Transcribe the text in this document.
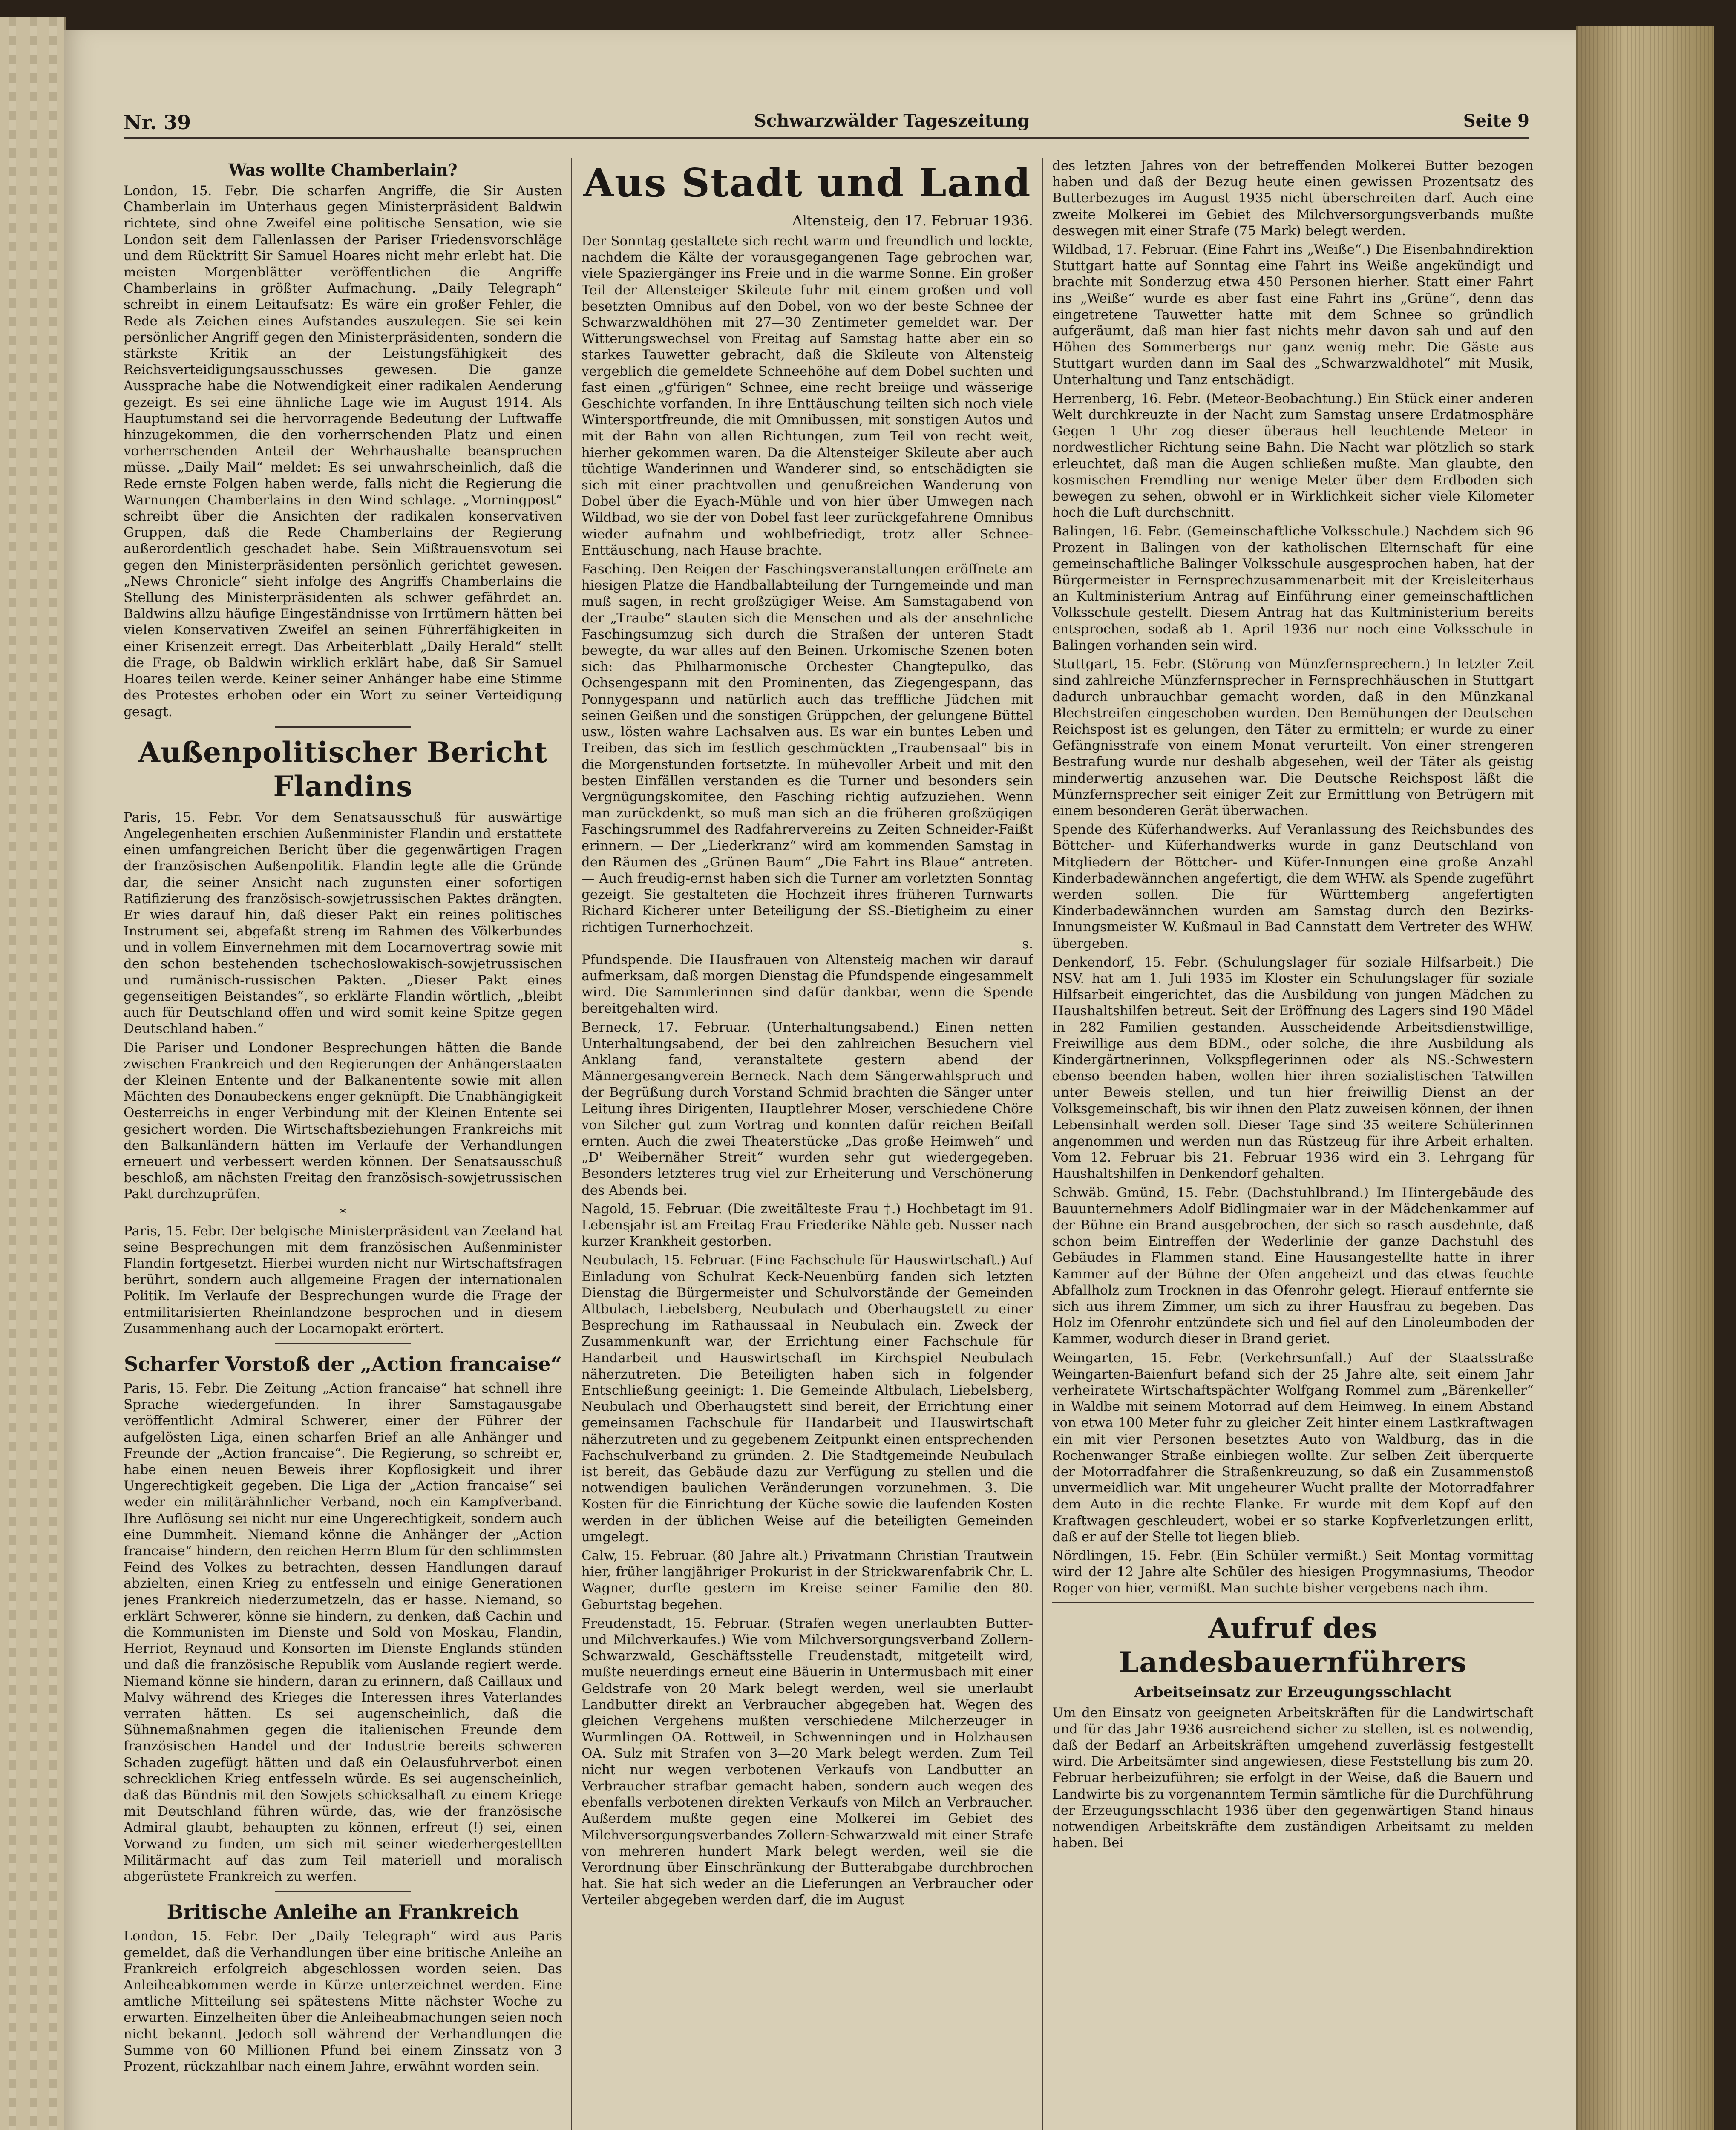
Nr. 39	Schwarzwälder Tageszeitung	Seite 9
Was wollte Chamberlain?

London, 15. Febr. Die scharfen Angriffe, die Sir Austen Chamberlain im Unterhaus gegen Ministerpräsident Baldwin richtete, sind ohne Zweifel eine politische Sensation, wie sie London seit dem Fallenlassen der Pariser Friedensvorschläge und dem Rücktritt Sir Samuel Hoares nicht mehr erlebt hat. Die meisten Morgenblätter veröffentlichen die Angriffe Chamberlains in größter Aufmachung. „Daily Telegraph“ schreibt in einem Leitaufsatz: Es wäre ein großer Fehler, die Rede als Zeichen eines Aufstandes auszulegen. Sie sei kein persönlicher Angriff gegen den Ministerpräsidenten, sondern die stärkste Kritik an der Leistungsfähigkeit des Reichsverteidigungsausschusses gewesen. Die ganze Aussprache habe die Notwendigkeit einer radikalen Aenderung gezeigt. Es sei eine ähnliche Lage wie im August 1914. Als Hauptumstand sei die hervorragende Bedeutung der Luftwaffe hinzugekommen, die den vorherrschenden Platz und einen vorherrschenden Anteil der Wehrhaushalte beanspruchen müsse. „Daily Mail“ meldet: Es sei unwahrscheinlich, daß die Rede ernste Folgen haben werde, falls nicht die Regierung die Warnungen Chamberlains in den Wind schlage. „Morningpost“ schreibt über die Ansichten der radikalen konservativen Gruppen, daß die Rede Chamberlains der Regierung außerordentlich geschadet habe. Sein Mißtrauensvotum sei gegen den Ministerpräsidenten persönlich gerichtet gewesen. „News Chronicle“ sieht infolge des Angriffs Chamberlains die Stellung des Ministerpräsidenten als schwer gefährdet an. Baldwins allzu häufige Eingeständnisse von Irrtümern hätten bei vielen Konservativen Zweifel an seinen Führerfähigkeiten in einer Krisenzeit erregt. Das Arbeiterblatt „Daily Herald“ stellt die Frage, ob Baldwin wirklich erklärt habe, daß Sir Samuel Hoares teilen werde. Keiner seiner Anhänger habe eine Stimme des Protestes erhoben oder ein Wort zu seiner Verteidigung gesagt.

Außenpolitischer Bericht Flandins

Paris, 15. Febr. Vor dem Senatsausschuß für auswärtige Angelegenheiten erschien Außenminister Flandin und erstattete einen umfangreichen Bericht über die gegenwärtigen Fragen der französischen Außenpolitik. Flandin legte alle die Gründe dar, die seiner Ansicht nach zugunsten einer sofortigen Ratifizierung des französisch-sowjetrussischen Paktes drängten. Er wies darauf hin, daß dieser Pakt ein reines politisches Instrument sei, abgefaßt streng im Rahmen des Völkerbundes und in vollem Einvernehmen mit dem Locarnovertrag sowie mit den schon bestehenden tschechoslowakisch-sowjetrussischen und rumänisch-russischen Pakten. „Dieser Pakt eines gegenseitigen Beistandes“, so erklärte Flandin wörtlich, „bleibt auch für Deutschland offen und wird somit keine Spitze gegen Deutschland haben.“

Die Pariser und Londoner Besprechungen hätten die Bande zwischen Frankreich und den Regierungen der Anhängerstaaten der Kleinen Entente und der Balkanentente sowie mit allen Mächten des Donaubeckens enger geknüpft. Die Unabhängigkeit Oesterreichs in enger Verbindung mit der Kleinen Entente sei gesichert worden. Die Wirtschaftsbeziehungen Frankreichs mit den Balkanländern hätten im Verlaufe der Verhandlungen erneuert und verbessert werden können. Der Senatsausschuß beschloß, am nächsten Freitag den französisch-sowjetrussischen Pakt durchzuprüfen.

*

Paris, 15. Febr. Der belgische Ministerpräsident van Zeeland hat seine Besprechungen mit dem französischen Außenminister Flandin fortgesetzt. Hierbei wurden nicht nur Wirtschaftsfragen berührt, sondern auch allgemeine Fragen der internationalen Politik. Im Verlaufe der Besprechungen wurde die Frage der entmilitarisierten Rheinlandzone besprochen und in diesem Zusammenhang auch der Locarnopakt erörtert.

Scharfer Vorstoß der „Action francaise“

Paris, 15. Febr. Die Zeitung „Action francaise“ hat schnell ihre Sprache wiedergefunden. In ihrer Samstagausgabe veröffentlicht Admiral Schwerer, einer der Führer der aufgelösten Liga, einen scharfen Brief an alle Anhänger und Freunde der „Action francaise“. Die Regierung, so schreibt er, habe einen neuen Beweis ihrer Kopflosigkeit und ihrer Ungerechtigkeit gegeben. Die Liga der „Action francaise“ sei weder ein militärähnlicher Verband, noch ein Kampfverband. Ihre Auflösung sei nicht nur eine Ungerechtigkeit, sondern auch eine Dummheit. Niemand könne die Anhänger der „Action francaise“ hindern, den reichen Herrn Blum für den schlimmsten Feind des Volkes zu betrachten, dessen Handlungen darauf abzielten, einen Krieg zu entfesseln und einige Generationen jenes Frankreich niederzumetzeln, das er hasse. Niemand, so erklärt Schwerer, könne sie hindern, zu denken, daß Cachin und die Kommunisten im Dienste und Sold von Moskau, Flandin, Herriot, Reynaud und Konsorten im Dienste Englands stünden und daß die französische Republik vom Auslande regiert werde. Niemand könne sie hindern, daran zu erinnern, daß Caillaux und Malvy während des Krieges die Interessen ihres Vaterlandes verraten hätten. Es sei augenscheinlich, daß die Sühnemaßnahmen gegen die italienischen Freunde dem französischen Handel und der Industrie bereits schweren Schaden zugefügt hätten und daß ein Oelausfuhrverbot einen schrecklichen Krieg entfesseln würde. Es sei augenscheinlich, daß das Bündnis mit den Sowjets schicksalhaft zu einem Kriege mit Deutschland führen würde, das, wie der französische Admiral glaubt, behaupten zu können, erfreut (!) sei, einen Vorwand zu finden, um sich mit seiner wiederhergestellten Militärmacht auf das zum Teil materiell und moralisch abgerüstete Frankreich zu werfen.

Britische Anleihe an Frankreich

London, 15. Febr. Der „Daily Telegraph“ wird aus Paris gemeldet, daß die Verhandlungen über eine britische Anleihe an Frankreich erfolgreich abgeschlossen worden seien. Das Anleiheabkommen werde in Kürze unterzeichnet werden. Eine amtliche Mitteilung sei spätestens Mitte nächster Woche zu erwarten. Einzelheiten über die Anleiheabmachungen seien noch nicht bekannt. Jedoch soll während der Verhandlungen die Summe von 60 Millionen Pfund bei einem Zinssatz von 3 Prozent, rückzahlbar nach einem Jahre, erwähnt worden sein.

Aus Stadt und Land
Altensteig, den 17. Februar 1936.

Der Sonntag gestaltete sich recht warm und freundlich und lockte, nachdem die Kälte der vorausgegangenen Tage gebrochen war, viele Spaziergänger ins Freie und in die warme Sonne. Ein großer Teil der Altensteiger Skileute fuhr mit einem großen und voll besetzten Omnibus auf den Dobel, von wo der beste Schnee der Schwarzwaldhöhen mit 27—30 Zentimeter gemeldet war. Der Witterungswechsel von Freitag auf Samstag hatte aber ein so starkes Tauwetter gebracht, daß die Skileute von Altensteig vergeblich die gemeldete Schneehöhe auf dem Dobel suchten und fast einen „g'fürigen“ Schnee, eine recht breiige und wässerige Geschichte vorfanden. In ihre Enttäuschung teilten sich noch viele Wintersportfreunde, die mit Omnibussen, mit sonstigen Autos und mit der Bahn von allen Richtungen, zum Teil von recht weit, hierher gekommen waren. Da die Altensteiger Skileute aber auch tüchtige Wanderinnen und Wanderer sind, so entschädigten sie sich mit einer prachtvollen und genußreichen Wanderung von Dobel über die Eyach-Mühle und von hier über Umwegen nach Wildbad, wo sie der von Dobel fast leer zurückgefahrene Omnibus wieder aufnahm und wohlbefriedigt, trotz aller Schnee-Enttäuschung, nach Hause brachte.

Fasching. Den Reigen der Faschingsveranstaltungen eröffnete am hiesigen Platze die Handballabteilung der Turngemeinde und man muß sagen, in recht großzügiger Weise. Am Samstagabend von der „Traube“ stauten sich die Menschen und als der ansehnliche Faschingsumzug sich durch die Straßen der unteren Stadt bewegte, da war alles auf den Beinen. Urkomische Szenen boten sich: das Philharmonische Orchester Changtepulko, das Ochsengespann mit den Prominenten, das Ziegengespann, das Ponnygespann und natürlich auch das treffliche Jüdchen mit seinen Geißen und die sonstigen Grüppchen, der gelungene Büttel usw., lösten wahre Lachsalven aus. Es war ein buntes Leben und Treiben, das sich im festlich geschmückten „Traubensaal“ bis in die Morgenstunden fortsetzte. In mühevoller Arbeit und mit den besten Einfällen verstanden es die Turner und besonders sein Vergnügungskomitee, den Fasching richtig aufzuziehen. Wenn man zurückdenkt, so muß man sich an die früheren großzügigen Faschingsrummel des Radfahrervereins zu Zeiten Schneider-Faißt erinnern. — Der „Liederkranz“ wird am kommenden Samstag in den Räumen des „Grünen Baum“ „Die Fahrt ins Blaue“ antreten. — Auch freudig-ernst haben sich die Turner am vorletzten Sonntag gezeigt. Sie gestalteten die Hochzeit ihres früheren Turnwarts Richard Kicherer unter Beteiligung der SS.-Bietigheim zu einer richtigen Turnerhochzeit.

s.

Pfundspende. Die Hausfrauen von Altensteig machen wir darauf aufmerksam, daß morgen Dienstag die Pfundspende eingesammelt wird. Die Sammlerinnen sind dafür dankbar, wenn die Spende bereitgehalten wird.

Berneck, 17. Februar. (Unterhaltungsabend.) Einen netten Unterhaltungsabend, der bei den zahlreichen Besuchern viel Anklang fand, veranstaltete gestern abend der Männergesangverein Berneck. Nach dem Sängerwahlspruch und der Begrüßung durch Vorstand Schmid brachten die Sänger unter Leitung ihres Dirigenten, Hauptlehrer Moser, verschiedene Chöre von Silcher gut zum Vortrag und konnten dafür reichen Beifall ernten. Auch die zwei Theaterstücke „Das große Heimweh“ und „D' Weibernäher Streit“ wurden sehr gut wiedergegeben. Besonders letzteres trug viel zur Erheiterung und Verschönerung des Abends bei.

Nagold, 15. Februar. (Die zweitälteste Frau †.) Hochbetagt im 91. Lebensjahr ist am Freitag Frau Friederike Nähle geb. Nusser nach kurzer Krankheit gestorben.

Neubulach, 15. Februar. (Eine Fachschule für Hauswirtschaft.) Auf Einladung von Schulrat Keck-Neuenbürg fanden sich letzten Dienstag die Bürgermeister und Schulvorstände der Gemeinden Altbulach, Liebelsberg, Neubulach und Oberhaugstett zu einer Besprechung im Rathaussaal in Neubulach ein. Zweck der Zusammenkunft war, der Errichtung einer Fachschule für Handarbeit und Hauswirtschaft im Kirchspiel Neubulach näherzutreten. Die Beteiligten haben sich in folgender Entschließung geeinigt: 1. Die Gemeinde Altbulach, Liebelsberg, Neubulach und Oberhaugstett sind bereit, der Errichtung einer gemeinsamen Fachschule für Handarbeit und Hauswirtschaft näherzutreten und zu gegebenem Zeitpunkt einen entsprechenden Fachschulverband zu gründen. 2. Die Stadtgemeinde Neubulach ist bereit, das Gebäude dazu zur Verfügung zu stellen und die notwendigen baulichen Veränderungen vorzunehmen. 3. Die Kosten für die Einrichtung der Küche sowie die laufenden Kosten werden in der üblichen Weise auf die beteiligten Gemeinden umgelegt.

Calw, 15. Februar. (80 Jahre alt.) Privatmann Christian Trautwein hier, früher langjähriger Prokurist in der Strickwarenfabrik Chr. L. Wagner, durfte gestern im Kreise seiner Familie den 80. Geburtstag begehen.

Freudenstadt, 15. Februar. (Strafen wegen unerlaubten Butter- und Milchverkaufes.) Wie vom Milchversorgungsverband Zollern-Schwarzwald, Geschäftsstelle Freudenstadt, mitgeteilt wird, mußte neuerdings erneut eine Bäuerin in Untermusbach mit einer Geldstrafe von 20 Mark belegt werden, weil sie unerlaubt Landbutter direkt an Verbraucher abgegeben hat. Wegen des gleichen Vergehens mußten verschiedene Milcherzeuger in Wurmlingen OA. Rottweil, in Schwenningen und in Holzhausen OA. Sulz mit Strafen von 3—20 Mark belegt werden. Zum Teil nicht nur wegen verbotenen Verkaufs von Landbutter an Verbraucher strafbar gemacht haben, sondern auch wegen des ebenfalls verbotenen direkten Verkaufs von Milch an Verbraucher. Außerdem mußte gegen eine Molkerei im Gebiet des Milchversorgungsverbandes Zollern-Schwarzwald mit einer Strafe von mehreren hundert Mark belegt werden, weil sie die Verordnung über Einschränkung der Butterabgabe durchbrochen hat. Sie hat sich weder an die Lieferungen an Verbraucher oder Verteiler abgegeben werden darf, die im August

des letzten Jahres von der betreffenden Molkerei Butter bezogen haben und daß der Bezug heute einen gewissen Prozentsatz des Butterbezuges im August 1935 nicht überschreiten darf. Auch eine zweite Molkerei im Gebiet des Milchversorgungsverbands mußte deswegen mit einer Strafe (75 Mark) belegt werden.

Wildbad, 17. Februar. (Eine Fahrt ins „Weiße“.) Die Eisenbahndirektion Stuttgart hatte auf Sonntag eine Fahrt ins Weiße angekündigt und brachte mit Sonderzug etwa 450 Personen hierher. Statt einer Fahrt ins „Weiße“ wurde es aber fast eine Fahrt ins „Grüne“, denn das eingetretene Tauwetter hatte mit dem Schnee so gründlich aufgeräumt, daß man hier fast nichts mehr davon sah und auf den Höhen des Sommerbergs nur ganz wenig mehr. Die Gäste aus Stuttgart wurden dann im Saal des „Schwarzwaldhotel“ mit Musik, Unterhaltung und Tanz entschädigt.

Herrenberg, 16. Febr. (Meteor-Beobachtung.) Ein Stück einer anderen Welt durchkreuzte in der Nacht zum Samstag unsere Erdatmosphäre Gegen 1 Uhr zog dieser überaus hell leuchtende Meteor in nordwestlicher Richtung seine Bahn. Die Nacht war plötzlich so stark erleuchtet, daß man die Augen schließen mußte. Man glaubte, den kosmischen Fremdling nur wenige Meter über dem Erdboden sich bewegen zu sehen, obwohl er in Wirklichkeit sicher viele Kilometer hoch die Luft durchschnitt.

Balingen, 16. Febr. (Gemeinschaftliche Volksschule.) Nachdem sich 96 Prozent in Balingen von der katholischen Elternschaft für eine gemeinschaftliche Balinger Volksschule ausgesprochen haben, hat der Bürgermeister in Fernsprechzusammenarbeit mit der Kreisleiterhaus an Kultministerium Antrag auf Einführung einer gemeinschaftlichen Volksschule gestellt. Diesem Antrag hat das Kultministerium bereits entsprochen, sodaß ab 1. April 1936 nur noch eine Volksschule in Balingen vorhanden sein wird.

Stuttgart, 15. Febr. (Störung von Münzfernsprechern.) In letzter Zeit sind zahlreiche Münzfernsprecher in Fernsprechhäuschen in Stuttgart dadurch unbrauchbar gemacht worden, daß in den Münzkanal Blechstreifen eingeschoben wurden. Den Bemühungen der Deutschen Reichspost ist es gelungen, den Täter zu ermitteln; er wurde zu einer Gefängnisstrafe von einem Monat verurteilt. Von einer strengeren Bestrafung wurde nur deshalb abgesehen, weil der Täter als geistig minderwertig anzusehen war. Die Deutsche Reichspost läßt die Münzfernsprecher seit einiger Zeit zur Ermittlung von Betrügern mit einem besonderen Gerät überwachen.

Spende des Küferhandwerks. Auf Veranlassung des Reichsbundes des Böttcher- und Küferhandwerks wurde in ganz Deutschland von Mitgliedern der Böttcher- und Küfer-Innungen eine große Anzahl Kinderbadewännchen angefertigt, die dem WHW. als Spende zugeführt werden sollen. Die für Württemberg angefertigten Kinderbadewännchen wurden am Samstag durch den Bezirks-Innungsmeister W. Kußmaul in Bad Cannstatt dem Vertreter des WHW. übergeben.

Denkendorf, 15. Febr. (Schulungslager für soziale Hilfsarbeit.) Die NSV. hat am 1. Juli 1935 im Kloster ein Schulungslager für soziale Hilfsarbeit eingerichtet, das die Ausbildung von jungen Mädchen zu Haushaltshilfen betreut. Seit der Eröffnung des Lagers sind 190 Mädel in 282 Familien gestanden. Ausscheidende Arbeitsdienstwillige, Freiwillige aus dem BDM., oder solche, die ihre Ausbildung als Kindergärtnerinnen, Volkspflegerinnen oder als NS.-Schwestern ebenso beenden haben, wollen hier ihren sozialistischen Tatwillen unter Beweis stellen, und tun hier freiwillig Dienst an der Volksgemeinschaft, bis wir ihnen den Platz zuweisen können, der ihnen Lebensinhalt werden soll. Dieser Tage sind 35 weitere Schülerinnen angenommen und werden nun das Rüstzeug für ihre Arbeit erhalten. Vom 12. Februar bis 21. Februar 1936 wird ein 3. Lehrgang für Haushaltshilfen in Denkendorf gehalten.

Schwäb. Gmünd, 15. Febr. (Dachstuhlbrand.) Im Hintergebäude des Bauunternehmers Adolf Bidlingmaier war in der Mädchenkammer auf der Bühne ein Brand ausgebrochen, der sich so rasch ausdehnte, daß schon beim Eintreffen der Wederlinie der ganze Dachstuhl des Gebäudes in Flammen stand. Eine Hausangestellte hatte in ihrer Kammer auf der Bühne der Ofen angeheizt und das etwas feuchte Abfallholz zum Trocknen in das Ofenrohr gelegt. Hierauf entfernte sie sich aus ihrem Zimmer, um sich zu ihrer Hausfrau zu begeben. Das Holz im Ofenrohr entzündete sich und fiel auf den Linoleumboden der Kammer, wodurch dieser in Brand geriet.

Weingarten, 15. Febr. (Verkehrsunfall.) Auf der Staatsstraße Weingarten-Baienfurt befand sich der 25 Jahre alte, seit einem Jahr verheiratete Wirtschaftspächter Wolfgang Rommel zum „Bärenkeller“ in Waldbe mit seinem Motorrad auf dem Heimweg. In einem Abstand von etwa 100 Meter fuhr zu gleicher Zeit hinter einem Lastkraftwagen ein mit vier Personen besetztes Auto von Waldburg, das in die Rochenwanger Straße einbiegen wollte. Zur selben Zeit überquerte der Motorradfahrer die Straßenkreuzung, so daß ein Zusammenstoß unvermeidlich war. Mit ungeheurer Wucht prallte der Motorradfahrer dem Auto in die rechte Flanke. Er wurde mit dem Kopf auf den Kraftwagen geschleudert, wobei er so starke Kopfverletzungen erlitt, daß er auf der Stelle tot liegen blieb.

Nördlingen, 15. Febr. (Ein Schüler vermißt.) Seit Montag vormittag wird der 12 Jahre alte Schüler des hiesigen Progymnasiums, Theodor Roger von hier, vermißt. Man suchte bisher vergebens nach ihm.

Aufruf des Landesbauernführers
Arbeitseinsatz zur Erzeugungsschlacht

Um den Einsatz von geeigneten Arbeitskräften für die Landwirtschaft und für das Jahr 1936 ausreichend sicher zu stellen, ist es notwendig, daß der Bedarf an Arbeitskräften umgehend zuverlässig festgestellt wird. Die Arbeitsämter sind angewiesen, diese Feststellung bis zum 20. Februar herbeizuführen; sie erfolgt in der Weise, daß die Bauern und Landwirte bis zu vorgenanntem Termin sämtliche für die Durchführung der Erzeugungsschlacht 1936 über den gegenwärtigen Stand hinaus notwendigen Arbeitskräfte dem zuständigen Arbeitsamt zu melden haben. Bei
